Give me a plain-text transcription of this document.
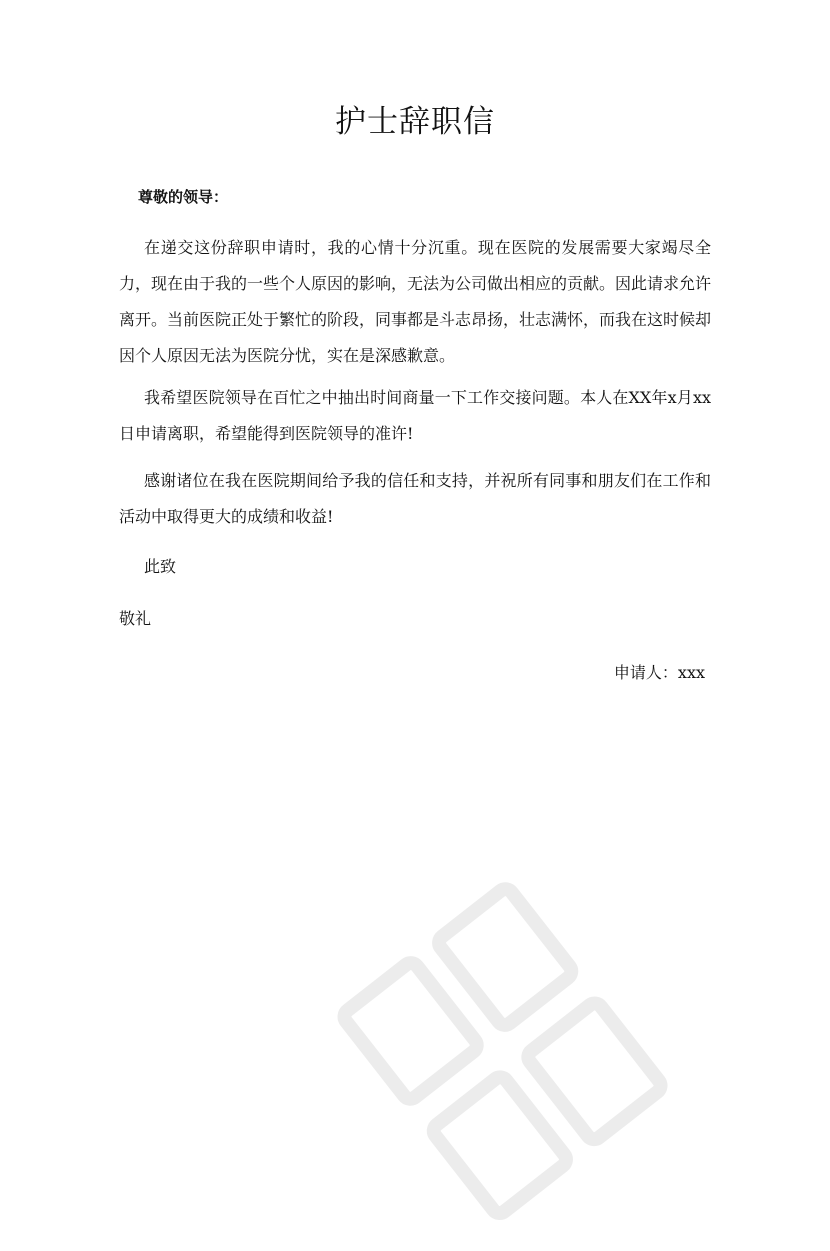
护士辞职信
尊敬的领导：

在递交这份辞职申请时，我的心情十分沉重。现在医院的发展需要大家竭尽全力，现在由于我的一些个人原因的影响，无法为公司做出相应的贡献。因此请求允许离开。当前医院正处于繁忙的阶段，同事都是斗志昂扬，壮志满怀，而我在这时候却因个人原因无法为医院分忧，实在是深感歉意。

我希望医院领导在百忙之中抽出时间商量一下工作交接问题。本人在XX年x月xx日申请离职，希望能得到医院领导的准许!

感谢诸位在我在医院期间给予我的信任和支持，并祝所有同事和朋友们在工作和活动中取得更大的成绩和收益!

此致
敬礼
申请人：xxx
